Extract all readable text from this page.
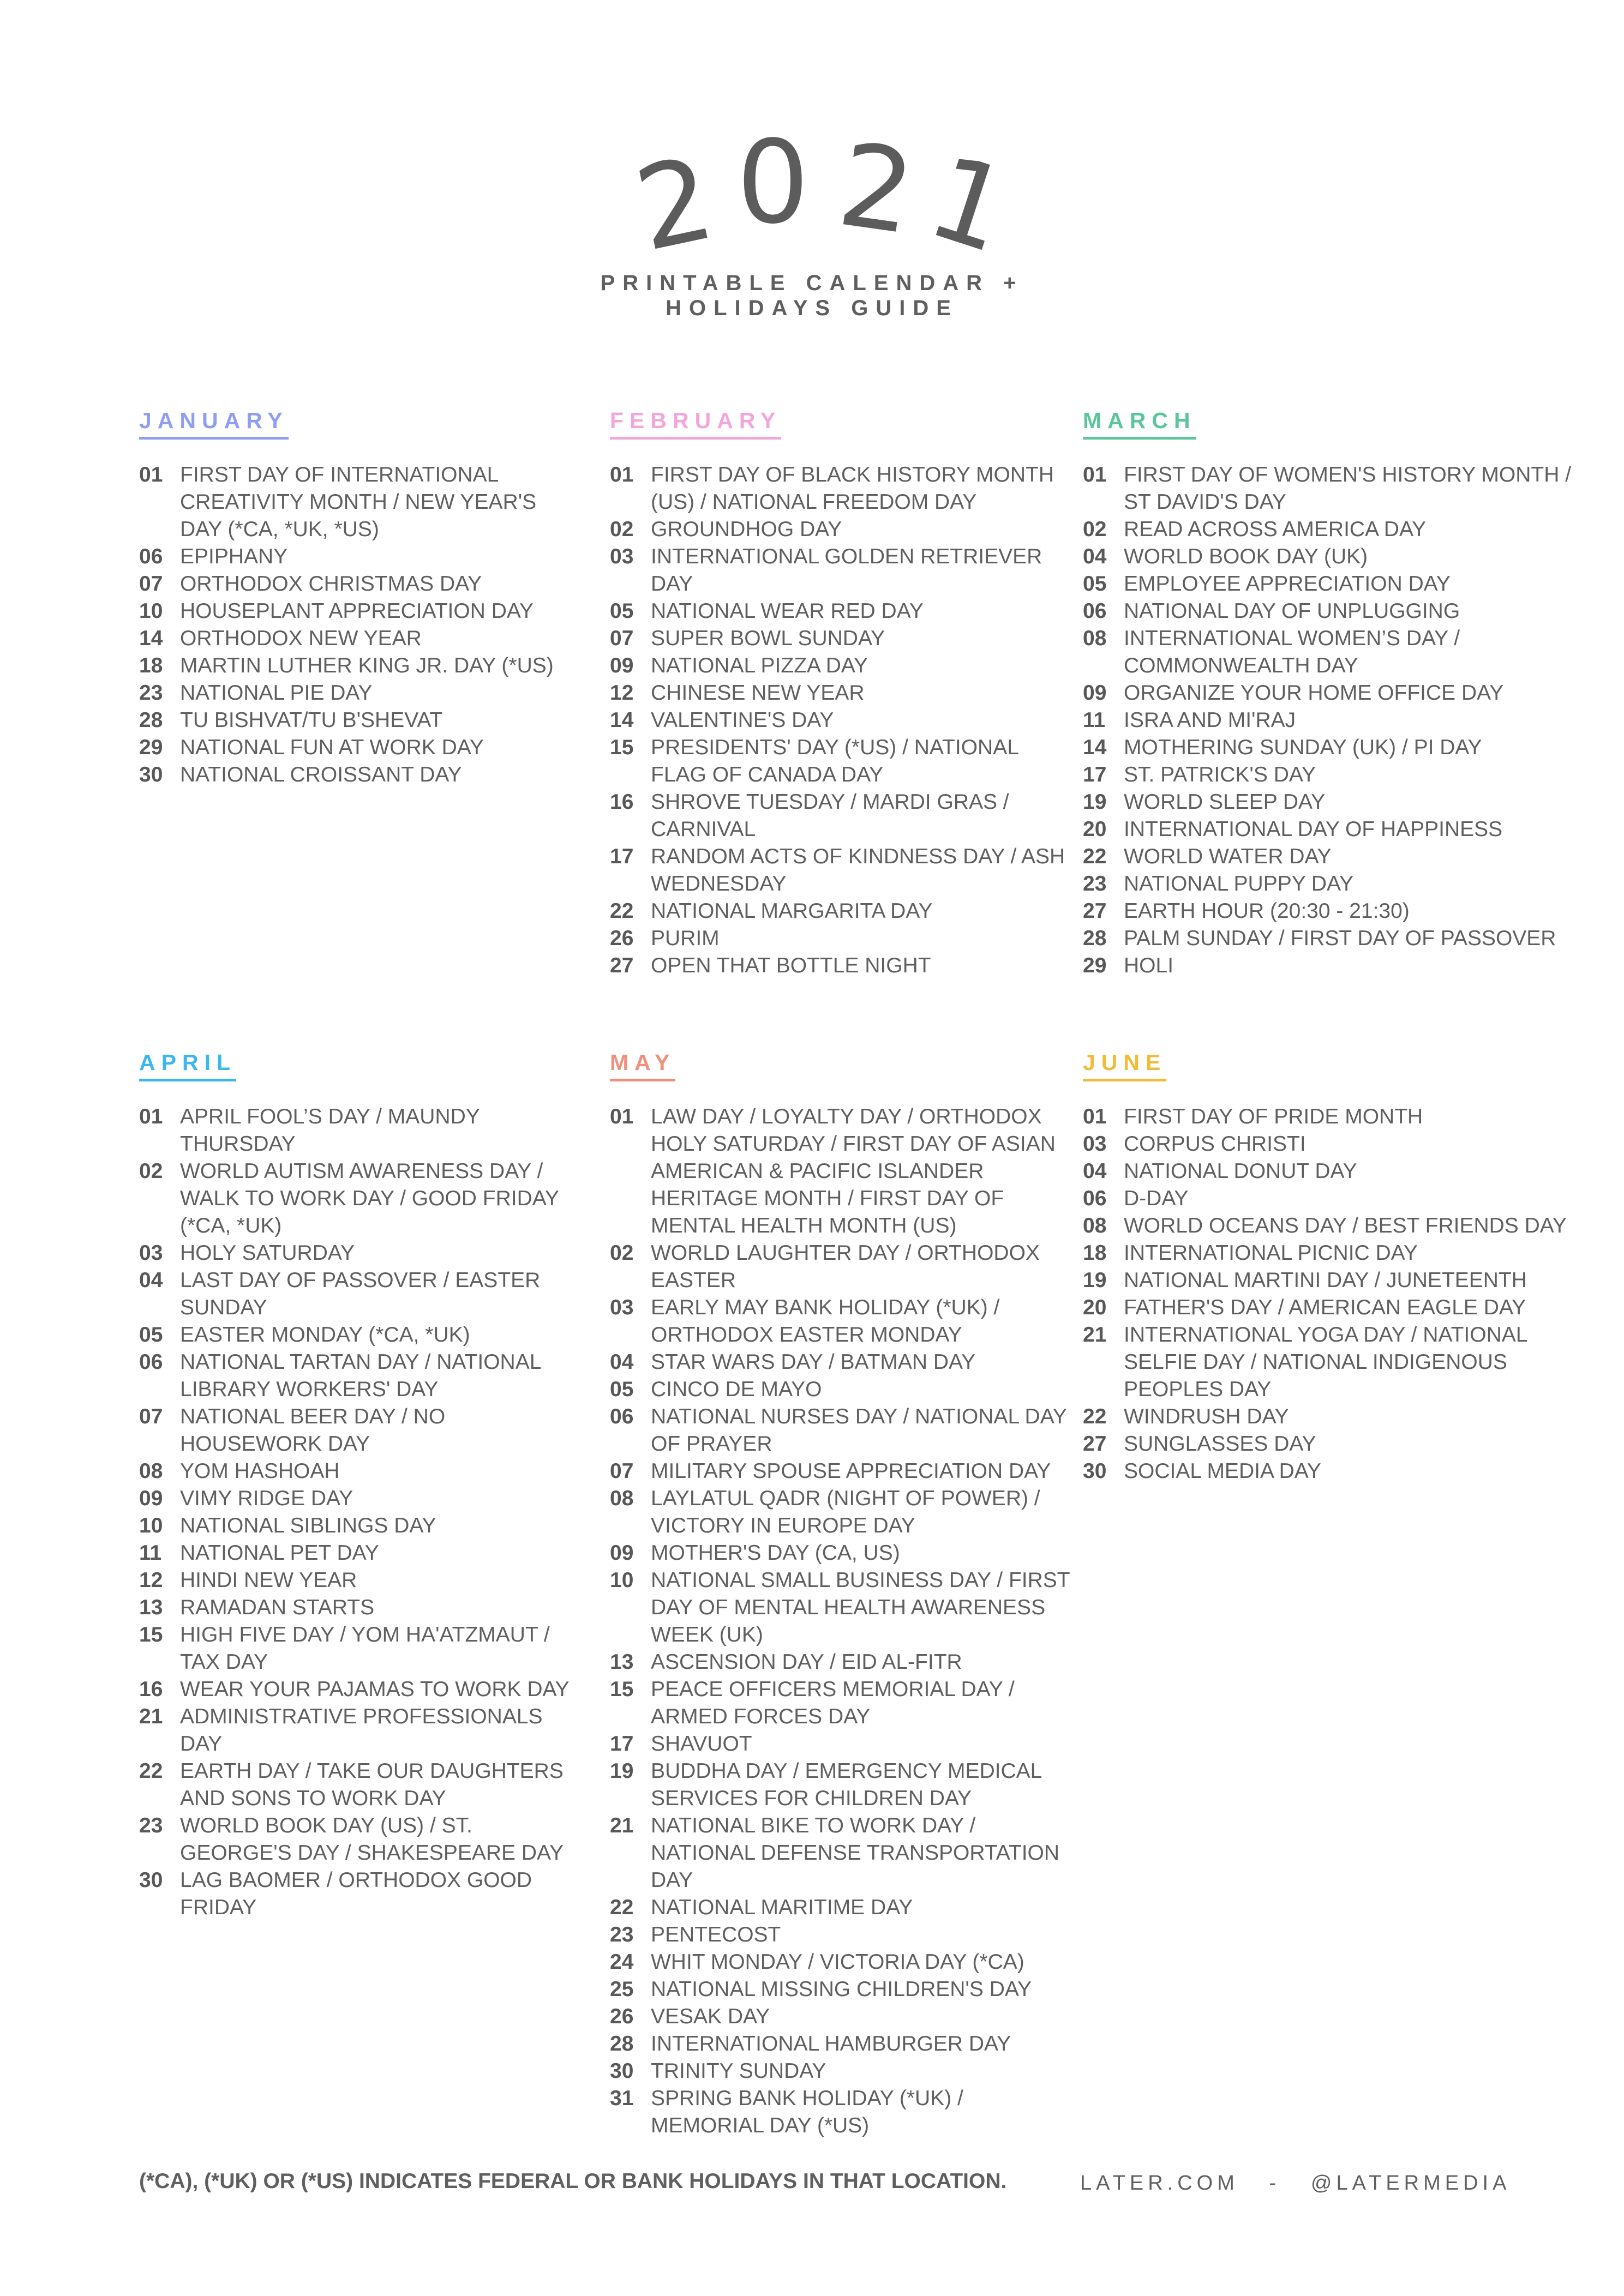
2 0 2
1
PRINTABLE CALENDAR +
HOLIDAYS GUIDE
JANUARY
01 FIRST DAY OF INTERNATIONAL CREATIVITY MONTH / NEW YEAR'S DAY (*CA, *UK, *US)
06 EPIPHANY
07 ORTHODOX CHRISTMAS DAY
10 HOUSEPLANT APPRECIATION DAY
14 ORTHODOX NEW YEAR
18 MARTIN LUTHER KING JR. DAY (*US)
23 NATIONAL PIE DAY
28 TU BISHVAT/TU B'SHEVAT
29 NATIONAL FUN AT WORK DAY
30 NATIONAL CROISSANT DAY
FEBRUARY
01 FIRST DAY OF BLACK HISTORY MONTH (US) / NATIONAL FREEDOM DAY
02 GROUNDHOG DAY
03 INTERNATIONAL GOLDEN RETRIEVER DAY
05 NATIONAL WEAR RED DAY
07 SUPER BOWL SUNDAY
09 NATIONAL PIZZA DAY
12 CHINESE NEW YEAR
14 VALENTINE'S DAY
15 PRESIDENTS' DAY (*US) / NATIONAL FLAG OF CANADA DAY
16 SHROVE TUESDAY / MARDI GRAS / CARNIVAL
17 RANDOM ACTS OF KINDNESS DAY / ASH WEDNESDAY
22 NATIONAL MARGARITA DAY
26 PURIM
27 OPEN THAT BOTTLE NIGHT
MARCH
01 FIRST DAY OF WOMEN'S HISTORY MONTH / ST DAVID'S DAY
02 READ ACROSS AMERICA DAY
04 WORLD BOOK DAY (UK)
05 EMPLOYEE APPRECIATION DAY
06 NATIONAL DAY OF UNPLUGGING
08 INTERNATIONAL WOMEN’S DAY / COMMONWEALTH DAY
09 ORGANIZE YOUR HOME OFFICE DAY
11 ISRA AND MI'RAJ
14 MOTHERING SUNDAY (UK) / PI DAY
17 ST. PATRICK'S DAY
19 WORLD SLEEP DAY
20 INTERNATIONAL DAY OF HAPPINESS
22 WORLD WATER DAY
23 NATIONAL PUPPY DAY
27 EARTH HOUR (20:30 - 21:30)
28 PALM SUNDAY / FIRST DAY OF PASSOVER
29 HOLI
APRIL
01 APRIL FOOL’S DAY / MAUNDY THURSDAY
02 WORLD AUTISM AWARENESS DAY / WALK TO WORK DAY / GOOD FRIDAY (*CA, *UK)
03 HOLY SATURDAY
04 LAST DAY OF PASSOVER / EASTER SUNDAY
05 EASTER MONDAY (*CA, *UK)
06 NATIONAL TARTAN DAY / NATIONAL LIBRARY WORKERS' DAY
07 NATIONAL BEER DAY / NO HOUSEWORK DAY
08 YOM HASHOAH
09 VIMY RIDGE DAY
10 NATIONAL SIBLINGS DAY
11 NATIONAL PET DAY
12 HINDI NEW YEAR
13 RAMADAN STARTS
15 HIGH FIVE DAY / YOM HA'ATZMAUT / TAX DAY
16 WEAR YOUR PAJAMAS TO WORK DAY
21 ADMINISTRATIVE PROFESSIONALS DAY
22 EARTH DAY / TAKE OUR DAUGHTERS AND SONS TO WORK DAY
23 WORLD BOOK DAY (US) / ST. GEORGE'S DAY / SHAKESPEARE DAY
30 LAG BAOMER / ORTHODOX GOOD FRIDAY
MAY
01 LAW DAY / LOYALTY DAY / ORTHODOX HOLY SATURDAY / FIRST DAY OF ASIAN AMERICAN & PACIFIC ISLANDER HERITAGE MONTH / FIRST DAY OF MENTAL HEALTH MONTH (US)
02 WORLD LAUGHTER DAY / ORTHODOX EASTER
03 EARLY MAY BANK HOLIDAY (*UK) / ORTHODOX EASTER MONDAY
04 STAR WARS DAY / BATMAN DAY
05 CINCO DE MAYO
06 NATIONAL NURSES DAY / NATIONAL DAY OF PRAYER
07 MILITARY SPOUSE APPRECIATION DAY
08 LAYLATUL QADR (NIGHT OF POWER) / VICTORY IN EUROPE DAY
09 MOTHER'S DAY (CA, US)
10 NATIONAL SMALL BUSINESS DAY / FIRST DAY OF MENTAL HEALTH AWARENESS WEEK (UK)
13 ASCENSION DAY / EID AL-FITR
15 PEACE OFFICERS MEMORIAL DAY / ARMED FORCES DAY
17 SHAVUOT
19 BUDDHA DAY / EMERGENCY MEDICAL SERVICES FOR CHILDREN DAY
21 NATIONAL BIKE TO WORK DAY / NATIONAL DEFENSE TRANSPORTATION DAY
22 NATIONAL MARITIME DAY
23 PENTECOST
24 WHIT MONDAY / VICTORIA DAY (*CA)
25 NATIONAL MISSING CHILDREN'S DAY
26 VESAK DAY
28 INTERNATIONAL HAMBURGER DAY
30 TRINITY SUNDAY
31 SPRING BANK HOLIDAY (*UK) / MEMORIAL DAY (*US)
JUNE
01 FIRST DAY OF PRIDE MONTH
03 CORPUS CHRISTI
04 NATIONAL DONUT DAY
06 D-DAY
08 WORLD OCEANS DAY / BEST FRIENDS DAY
18 INTERNATIONAL PICNIC DAY
19 NATIONAL MARTINI DAY / JUNETEENTH
20 FATHER'S DAY / AMERICAN EAGLE DAY
21 INTERNATIONAL YOGA DAY / NATIONAL SELFIE DAY / NATIONAL INDIGENOUS PEOPLES DAY
22 WINDRUSH DAY
27 SUNGLASSES DAY
30 SOCIAL MEDIA DAY
(*CA), (*UK) OR (*US) INDICATES FEDERAL OR BANK HOLIDAYS IN THAT LOCATION.	LATER.COM   -   @LATERMEDIA
